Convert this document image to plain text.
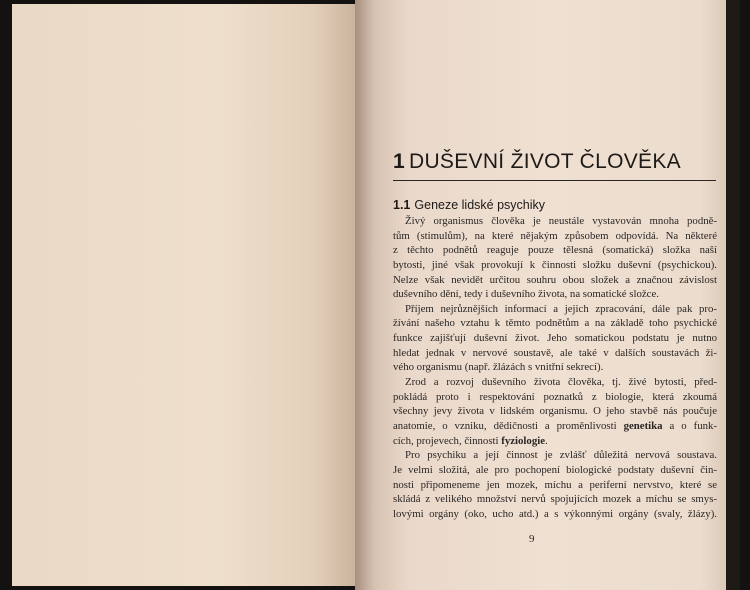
1 DUŠEVNÍ ŽIVOT ČLOVĚKA
1.1 Geneze lidské psychiky
Živý organismus člověka je neustále vystavován mnoha podně-
tům (stimulům), na které nějakým způsobem odpovídá. Na některé
z těchto podnětů reaguje pouze tělesná (somatická) složka naší
bytosti, jiné však provokují k činnosti složku duševní (psychickou).
Nelze však nevidět určitou souhru obou složek a značnou závislost
duševního dění, tedy i duševního života, na somatické složce.
Příjem nejrůznějších informací a jejich zpracování, dále pak pro-
žívání našeho vztahu k těmto podnětům a na základě toho psychické
funkce zajišťují duševní život. Jeho somatickou podstatu je nutno
hledat jednak v nervové soustavě, ale také v dalších soustavách ži-
vého organismu (např. žlázách s vnitřní sekrecí).
Zrod a rozvoj duševního života člověka, tj. živé bytosti, před-
pokládá proto i respektování poznatků z biologie, která zkoumá
všechny jevy života v lidském organismu. O jeho stavbě nás poučuje
anatomie, o vzniku, dědičnosti a proměnlivosti genetika a o funk-
cích, projevech, činnosti fyziologie.
Pro psychiku a její činnost je zvlášť důležitá nervová soustava.
Je velmi složitá, ale pro pochopení biologické podstaty duševní čin-
nosti připomeneme jen mozek, míchu a periferní nervstvo, které se
skládá z velikého množství nervů spojujících mozek a míchu se smys-
lovými orgány (oko, ucho atd.) a s výkonnými orgány (svaly, žlázy).
9
